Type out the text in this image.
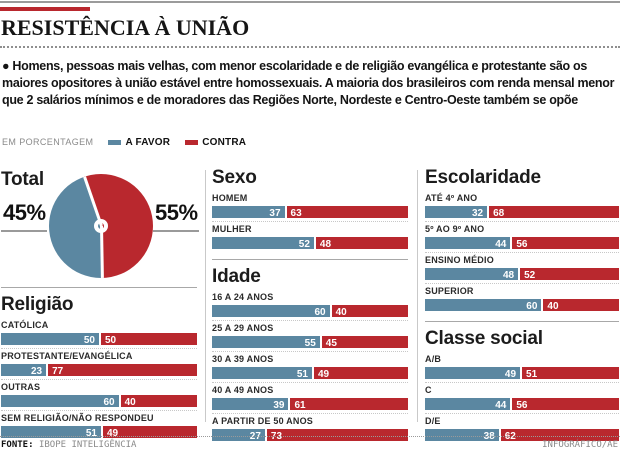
RESISTÊNCIA À UNIÃO

● Homens, pessoas mais velhas, com menor escolaridade e de religião evangélica e protestante são os maiores opositores à união estável entre homossexuais. A maioria dos brasileiros com renda mensal menor que 2 salários mínimos e de moradores das Regiões Norte, Nordeste e Centro-Oeste também se opõe

EM PORCENTAGEM	A FAVOR	CONTRA
Total
45%	55%
Religião
CATÓLICA
50	50
PROTESTANTE/EVANGÉLICA
23	77
OUTRAS
60	40
SEM RELIGIÃO/NÃO RESPONDEU
51	49
Sexo
HOMEM
37	63
MULHER
52	48
Idade
16 A 24 ANOS
60	40
25 A 29 ANOS
55	45
30 A 39 ANOS
51	49
40 A 49 ANOS
39	61
A PARTIR DE 50 ANOS
27	73
Escolaridade
ATÉ 4º ANO
32	68
5º AO 9º ANO
44	56
ENSINO MÉDIO
48	52
SUPERIOR
60	40
Classe social
A/B
49	51
C
44	56
D/E
38	62
FONTE: IBOPE INTELIGÊNCIA	INFOGRÁFICO/AE
